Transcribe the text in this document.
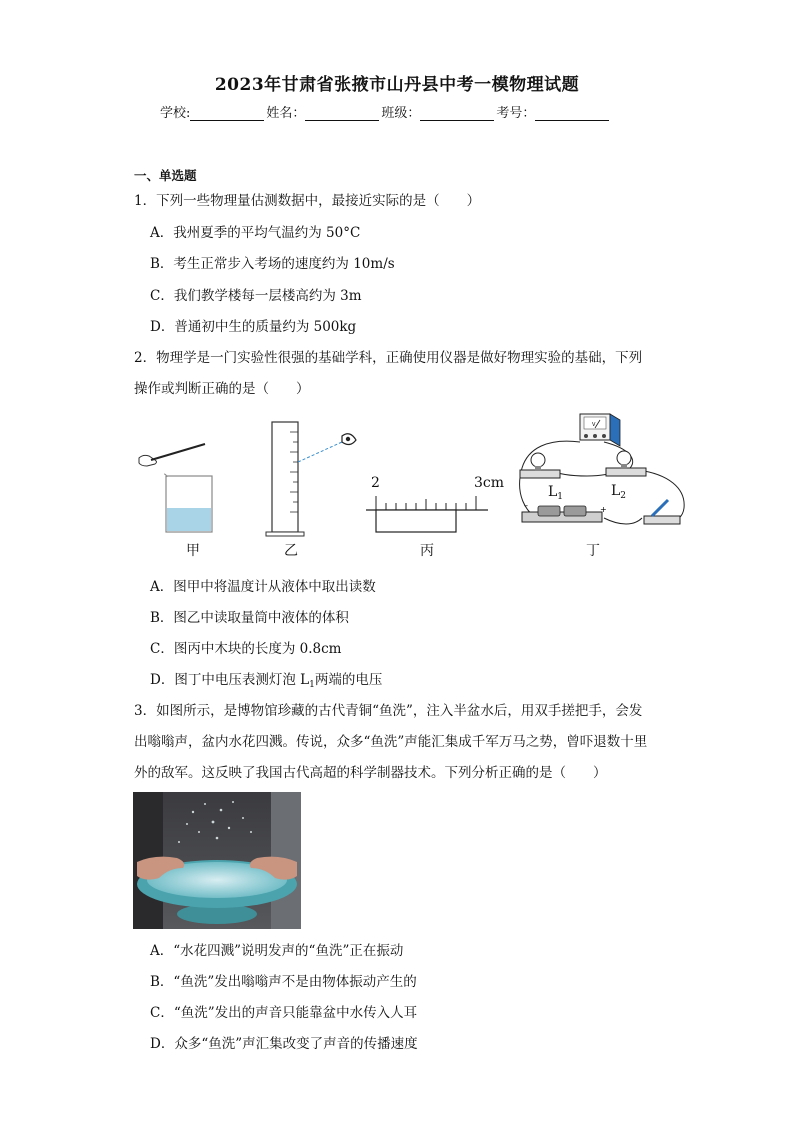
2023年甘肃省张掖市山丹县中考一模物理试题
学校:	姓名：	班级：	考号：
一、单选题
1．下列一些物理量估测数据中，最接近实际的是（　　）
A．我州夏季的平均气温约为 50°C
B．考生正常步入考场的速度约为 10m/s
C．我们教学楼每一层楼高约为 3m
D．普通初中生的质量约为 500kg
2．物理学是一门实验性很强的基础学科，正确使用仪器是做好物理实验的基础，下列
操作或判断正确的是（　　）
甲	乙
2	3cm
丙
V
–	+
$L_1$	$L_2$
丁
A．图甲中将温度计从液体中取出读数
B．图乙中读取量筒中液体的体积
C．图丙中木块的长度为 0.8cm
D．图丁中电压表测灯泡 $L_1$两端的电压
3．如图所示，是博物馆珍藏的古代青铜“鱼洗”，注入半盆水后，用双手搓把手，会发
出嗡嗡声，盆内水花四溅。传说，众多“鱼洗”声能汇集成千军万马之势，曾吓退数十里
外的敌军。这反映了我国古代高超的科学制器技术。下列分析正确的是（　　）
A．“水花四溅”说明发声的“鱼洗”正在振动
B．“鱼洗”发出嗡嗡声不是由物体振动产生的
C．“鱼洗”发出的声音只能靠盆中水传入人耳
D．众多“鱼洗”声汇集改变了声音的传播速度
